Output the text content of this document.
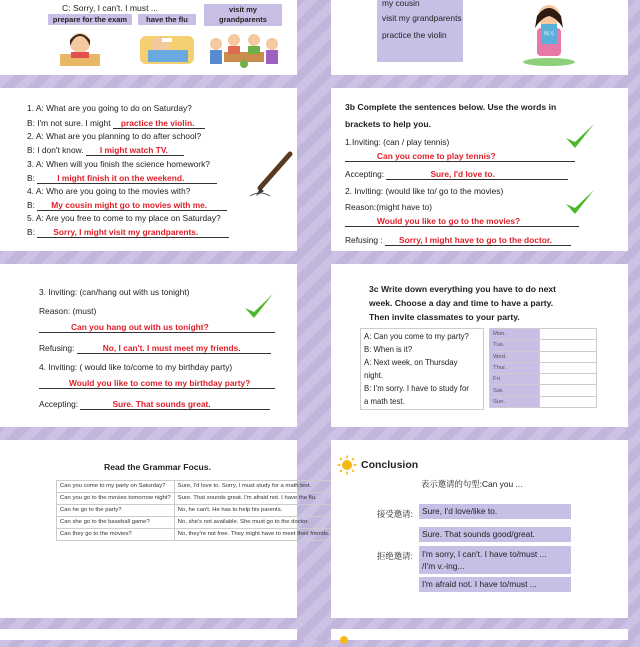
C: Sorry, I can't. I must ...
prepare for the exam	have the flu
visit my grandparents
my cousin
visit my grandparents
practice the violin	练习
1. A: What are you going to do on Saturday?
B: I'm not sure. I might practice the violin.
2. A: What are you planning to do after school?
B: I don't know. I might watch TV.
3. A: When will you finish the science homework?
B:	I might finish it on the weekend.
4. A: Who are you going to the movies with?
B: My cousin might go to movies with me.
5. A: Are you free to come to my place on Saturday?
B: Sorry, I might visit my grandparents.
3b Complete the sentences below. Use the words in
brackets to help you.
1.Inviting: (can / play tennis)
Can you come to play tennis?
Accepting:	Sure, I'd love to.
2. Inviting: (would like to/ go to the movies)
Reason:(might have to)
Would you like to go to the movies?
Refusing : Sorry, I might have to go to the doctor.
3. Inviting: (can/hang out with us tonight)
Reason: (must)
Can you hang out with us tonight?
Refusing:	No, I can't. I must meet my friends.
4. Inviting: ( would like to/come to my birthday party)
Would you like to come to my birthday party?
Accepting:	Sure. That sounds great.
3c Write down everything you have to do next
week. Choose a day and time to have a party.
Then invite classmates to your party.
A: Can you come to my party?
B: When is it?
A: Next week, on Thursday
night.
B: I'm sorry. I have to study for
a math test.
Mon.	
Tue.	
Wed.	
Thur.	
Fri.	
Sat.	
Sun.	
Read the Grammar Focus.
Can you come to my party on Saturday?	Sure, I'd love to. Sorry, I must study for a math test.
Can you go to the movies tomorrow night?	Sure. That sounds great. I'm afraid not. I have the flu.
Can he go to the party?	No, he can't. He has to help his parents.
Can she go to the baseball game?	No, she's not available. She must go to the doctor.
Can they go to the movies?	No, they're not free. They might have to meet their friends.
Conclusion
表示邀请的句型:Can you ...
接受邀请:	Sure, I'd love/like to.
Sure. That sounds good/great.
拒绝邀请: I'm sorry, I can't. I have to/must ...
/I'm v.-ing...
I'm afraid not. I have to/must ...
